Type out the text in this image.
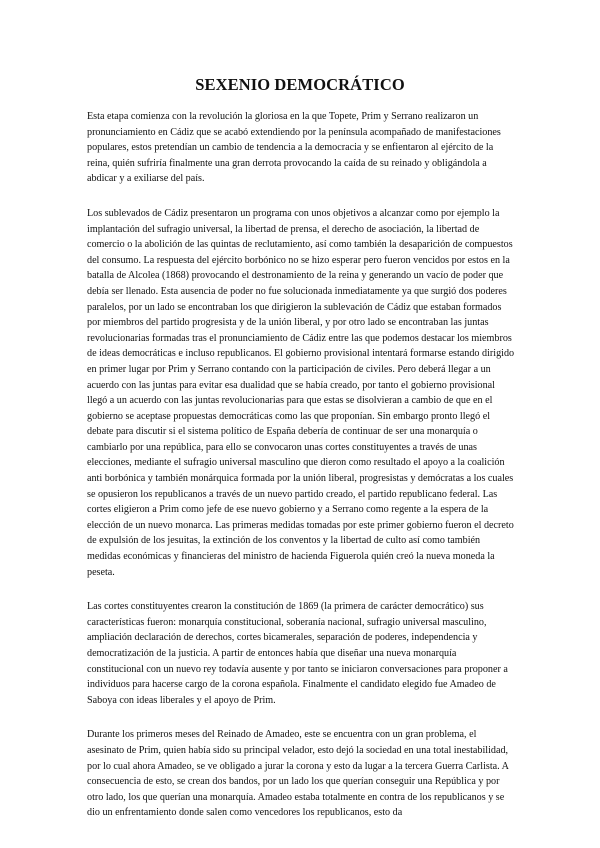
SEXENIO DEMOCRÁTICO

Esta etapa comienza con la revolución la gloriosa en la que Topete, Prim y Serrano realizaron un pronunciamiento en Cádiz que se acabó extendiendo por la península acompañado de manifestaciones populares, estos pretendían un cambio de tendencia a la democracia y se enfientaron al ejército de la reina, quién sufriría finalmente una gran derrota provocando la caída de su reinado y obligándola a abdicar y a exiliarse del país.

Los sublevados de Cádiz presentaron un programa con unos objetivos a alcanzar como por ejemplo la implantación del sufragio universal, la libertad de prensa, el derecho de asociación, la libertad de comercio o la abolición de las quintas de reclutamiento, así como también la desaparición de compuestos del consumo. La respuesta del ejército borbónico no se hizo esperar pero fueron vencidos por estos en la batalla de Alcolea (1868) provocando el destronamiento de la reina y generando un vacío de poder que debía ser llenado. Esta ausencia de poder no fue solucionada inmediatamente ya que surgió dos poderes paralelos, por un lado se encontraban los que dirigieron la sublevación de Cádiz que estaban formados por miembros del partido progresista y de la unión liberal, y por otro lado se encontraban las juntas revolucionarias formadas tras el pronunciamiento de Cádiz entre las que podemos destacar los miembros de ideas democráticas e incluso republicanos. El gobierno provisional intentará formarse estando dirigido en primer lugar por Prim y Serrano contando con la participación de civiles. Pero deberá llegar a un acuerdo con las juntas para evitar esa dualidad que se había creado, por tanto el gobierno provisional llegó a un acuerdo con las juntas revolucionarias para que estas se disolvieran a cambio de que en el gobierno se aceptase propuestas democráticas como las que proponían. Sin embargo pronto llegó el debate para discutir si el sistema político de España debería de continuar de ser una monarquía o cambiarlo por una república, para ello se convocaron unas cortes constituyentes a través de unas elecciones, mediante el sufragio universal masculino que dieron como resultado el apoyo a la coalición anti borbónica y también monárquica formada por la unión liberal, progresistas y demócratas a los cuales se opusieron los republicanos a través de un nuevo partido creado, el partido republicano federal. Las cortes eligieron a Prim como jefe de ese nuevo gobierno y a Serrano como regente a la espera de la elección de un nuevo monarca. Las primeras medidas tomadas por este primer gobierno fueron el decreto de expulsión de los jesuitas, la extinción de los conventos y la libertad de culto así como también medidas económicas y financieras del ministro de hacienda Figuerola quién creó la nueva moneda la peseta.

Las cortes constituyentes crearon la constitución de 1869 (la primera de carácter democrático) sus características fueron: monarquía constitucional, soberanía nacional, sufragio universal masculino, ampliación declaración de derechos, cortes bicamerales, separación de poderes, independencia y democratización de la justicia. A partir de entonces había que diseñar una nueva monarquía constitucional con un nuevo rey todavía ausente y por tanto se iniciaron conversaciones para proponer a individuos para hacerse cargo de la corona española. Finalmente el candidato elegido fue Amadeo de Saboya con ideas liberales y el apoyo de Prim.

Durante los primeros meses del Reinado de Amadeo, este se encuentra con un gran problema, el asesinato de Prim, quien había sido su principal velador, esto dejó la sociedad en una total inestabilidad, por lo cual ahora Amadeo, se ve obligado a jurar la corona y esto da lugar a la tercera Guerra Carlista. A consecuencia de esto, se crean dos bandos, por un lado los que querían conseguir una República y por otro lado, los que querían una monarquía. Amadeo estaba totalmente en contra de los republicanos y se dio un enfrentamiento donde salen como vencedores los republicanos, esto da
